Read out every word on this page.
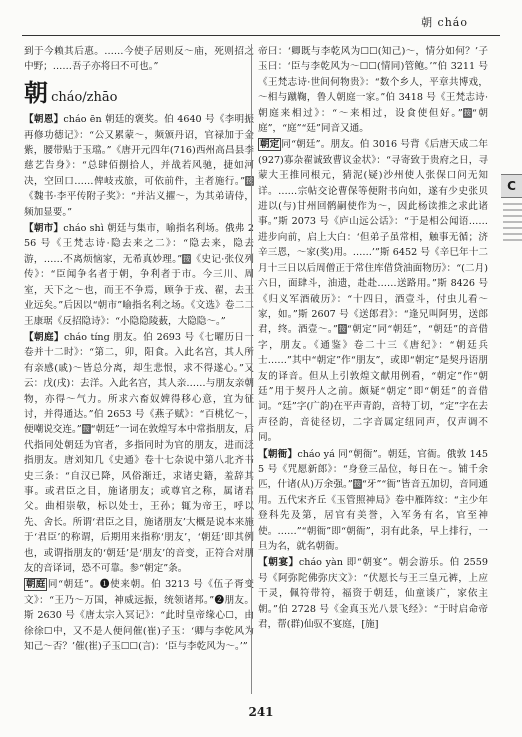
朝 cháo

到于今赖其后惠。……今使子居则反～庙，死则招之中野；……吾子亦将曰不可也。”

朝 cháo/zhāo

【朝恩】cháo ēn 朝廷的褒奖。伯 4640 号《李明振再修功德记》：“公又累蒙～，频颁丹诏，官禄加于金紫，腰带贴于玉璫。”《唐开元四年(716)西州高昌县李慈艺告身》：“总肆佰捌拾人，并战若风驰，捷如河决，空回口……俾岐戎旅，可依前件，主者施行。”按《魏书·李平传附子奖》：“并沾义擢～，为其弟请侍，频加显要。”

【朝市】cháo shì 朝廷与集市，喻指名利场。俄弗 256 号《王梵志诗·隐去来之二》：“隐去来，隐去游，……不离烦恼家，无希真妙理。”按《史记·张仪列传》：“臣闻争名者于朝，争利者于市。今三川、周室，天下之～也，而王不争焉，顾争于戎、翟，去王业远矣。”后因以“朝市”喻指名利之场。《文选》卷二二王康琚《反招隐诗》：“小隐隐陵薮，大隐隐～。”

【朝庭】cháo tíng 朋友。伯 2693 号《七曜历日一卷并十二时》：“第二，卯，阳食。入此名宫，其人所有亲感(戚)～皆总分离，却生悲恨，求不得遂心。”又云：戊(戌)：去洋。入此名宫，其人亲……与朋友亲朝物，亦得～气力。所求六畜奴婢得移心意，宜为征讨，并得通达。”伯 2653 号《燕子赋》：“百桃忆～，便嘲说交连。”按“朝廷”一词在敦煌写本中常指朋友，后代指同处朝廷为官者，多指同时为官的朋友，进而泛指朋友。唐刘知几《史通》卷十七杂说中第八北齐书史三条：“自汉已降，风俗渐迁，求诸史籍，羞辞其事。或君臣之目，施诸朋友；或尊官之称，属诸君父。曲相崇敬，标以处士，王孙；辄为帝王，呼以先、舍长。所谓‘君臣之目，施诸朋友’大概是说本来施于‘君臣’的称谓，后期用来指称‘朋友’，‘朝廷’即其例也，或谓指朋友的‘朝廷’是‘朋友’的音变，正符合对朋友的音译词，恐不可靠。参“朝定”条。

朝庭 同“朝廷”。❶使来朝。伯 3213 号《伍子胥变文》：“王乃～万国，神威远振，统领诸邦。”❷朋友。斯 2630 号《唐太宗入冥记》：“此时皇帝缘心☐，由徐徐☐中，又不是人便问催(崔)子玉：‘卿与李乾风为知己～否？’催(崔)子玉☐☐(言)：‘臣与李乾风为～。’”

帝曰：‘卿既与李乾风为☐☐(知己)～，情分如何？’子玉曰：‘臣与李乾风为～☐☐(情同)管鲍。’”伯 3211 号《王梵志诗·世间何物贵》：“数个乡人，平章共博戏，～相与蹴鞠，鲁人朝庭一家。”伯 3418 号《王梵志诗·朝庭来相过》：“～来相过，设食使但好。”按“朝庭”，“庭”“廷”同音又通。

朝定 同“朝廷”。朋友。伯 3016 号背《后唐天成二年(927)寡杂翟诚致曹议金状》：“寻寄致于贵府之日，寻蒙大王推同根元，猜泥(疑)沙州使人张保口问无知详。……宗帖交论曹保等便附书向如，遂有少史张贝进以(与)甘州回鹘嗣使作为～，因此杨读推之求此诸事。”斯 2073 号《庐山远公话》：“于是相公闻语……进步向前，启上大白：‘但弟子虽常相，触事无循；济辛三恩，～家(奖)用。……’”斯 6452 号《辛巳年十二月十三日以后周僧正于常住库借贷油面物历》：“(二月)六日，面肆斗，油遗，赴赴……送路用。”斯 8426 号《归义军酒破历》：“十四日，酒壹斗，付虫儿看～家，如。”斯 2607 号《送郎君》：“逢兄叫阿男，送郎君，终。酒壹～。”按“朝定”同“朝廷”，“朝廷”的音借字，朋友。《通鉴》卷二十三《唐纪》：“朝廷兵士……”其中“朝定”作“朋友”，或即“朝定”是契丹语朋友的译音。但从上引敦煌文献用例看，“朝定”作“朝廷”用于契丹人之前。颇疑“朝定”即“朝廷”的音借词。“廷”字(广韵)在平声青韵，音特丁切，“定”字在去声径韵，音徒径切，二字音属定纽同声，仅声调不同。

【朝衙】cháo yá 同“朝衙”。朝廷，官衙。俄敦 1455 号《咒愿新郎》：“身登三品位，每日在～。铺千余匹，什诸(从)万余强。”按“牙”“衙”皆音五加切，音同通用。五代宋齐丘《玉管照神局》卷中雁阵纹：“主少年登科先及第，居官有美誉，入军务有名，官至神使。……”“朝衙”即“朝衙”，羽有此条，早上排行，一旦为名，就名朝衙。

【朝宴】cháo yàn 即“朝宴”。朝会游乐。伯 2559 号《阿弥陀佛弥庆文》：“伏愿长与王三皇元裤，上应干灵，佩符带符，福资于朝廷，仙童谈广，家依主朝。”伯 2728 号《金真玉光八景飞经》：“于时启命帝君，帮(群)仙驭不宴庭，[施]

C
241
